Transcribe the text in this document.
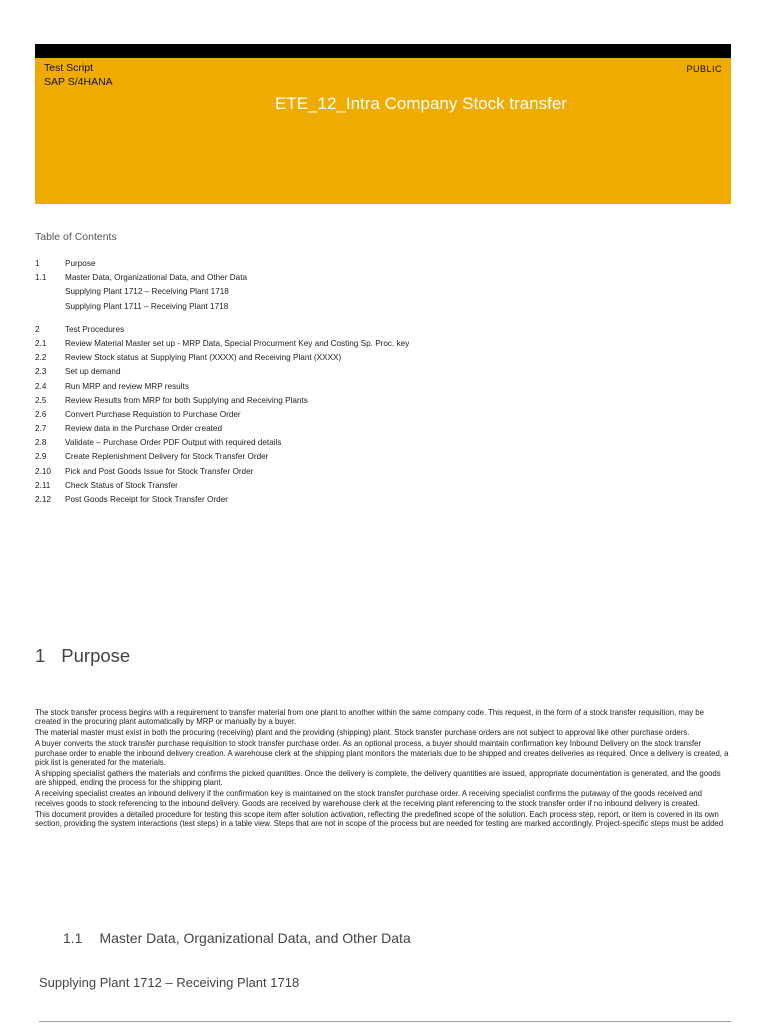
Test Script
SAP S/4HANA
PUBLIC
ETE_12_Intra Company Stock transfer
Table of Contents
1	Purpose
1.1 Master Data, Organizational Data, and Other Data
Supplying Plant 1712 – Receiving Plant 1718
Supplying Plant 1711 – Receiving Plant 1718
2	Test Procedures
2.1 Review Material Master set up - MRP Data, Special Procurment Key and Costing Sp. Proc. key
2.2 Review Stock status at Supplying Plant (XXXX) and Receiving Plant (XXXX)
2.3 Set up demand
2.4 Run MRP and review MRP results
2.5 Review Results from MRP for both Supplying and Receiving Plants
2.6 Convert Purchase Requistion to Purchase Order
2.7 Review data in the Purchase Order created
2.8 Validate – Purchase Order PDF Output with required details
2.9 Create Replenishment Delivery for Stock Transfer Order
2.10 Pick and Post Goods Issue for Stock Transfer Order
2.11 Check Status of Stock Transfer
2.12 Post Goods Receipt for Stock Transfer Order
1 Purpose

The stock transfer process begins with a requirement to transfer material from one plant to another within the same company code. This request, in the form of a stock transfer requisition, may be created in the procuring plant automatically by MRP or manually by a buyer.

The material master must exist in both the procuring (receiving) plant and the providing (shipping) plant. Stock transfer purchase orders are not subject to approval like other purchase orders.

A buyer converts the stock transfer purchase requisition to stock transfer purchase order. As an optional process, a buyer should maintain confirmation key Inbound Delivery on the stock transfer purchase order to enable the inbound delivery creation. A warehouse clerk at the shipping plant monitors the materials due to be shipped and creates deliveries as required. Once a delivery is created, a pick list is generated for the materials.

A shipping specialist gathers the materials and confirms the picked quantities. Once the delivery is complete, the delivery quantities are issued, appropriate documentation is generated, and the goods are shipped, ending the process for the shipping plant.

A receiving specialist creates an inbound delivery if the confirmation key is maintained on the stock transfer purchase order. A receiving specialist confirms the putaway of the goods received and receives goods to stock referencing to the inbound delivery. Goods are received by warehouse clerk at the receiving plant referencing to the stock transfer order if no inbound delivery is created.

This document provides a detailed procedure for testing this scope item after solution activation, reflecting the predefined scope of the solution. Each process step, report, or item is covered in its own section, providing the system interactions (test steps) in a table view. Steps that are not in scope of the process but are needed for testing are marked accordingly. Project-specific steps must be added

1.1 Master Data, Organizational Data, and Other Data
Supplying Plant 1712 – Receiving Plant 1718
